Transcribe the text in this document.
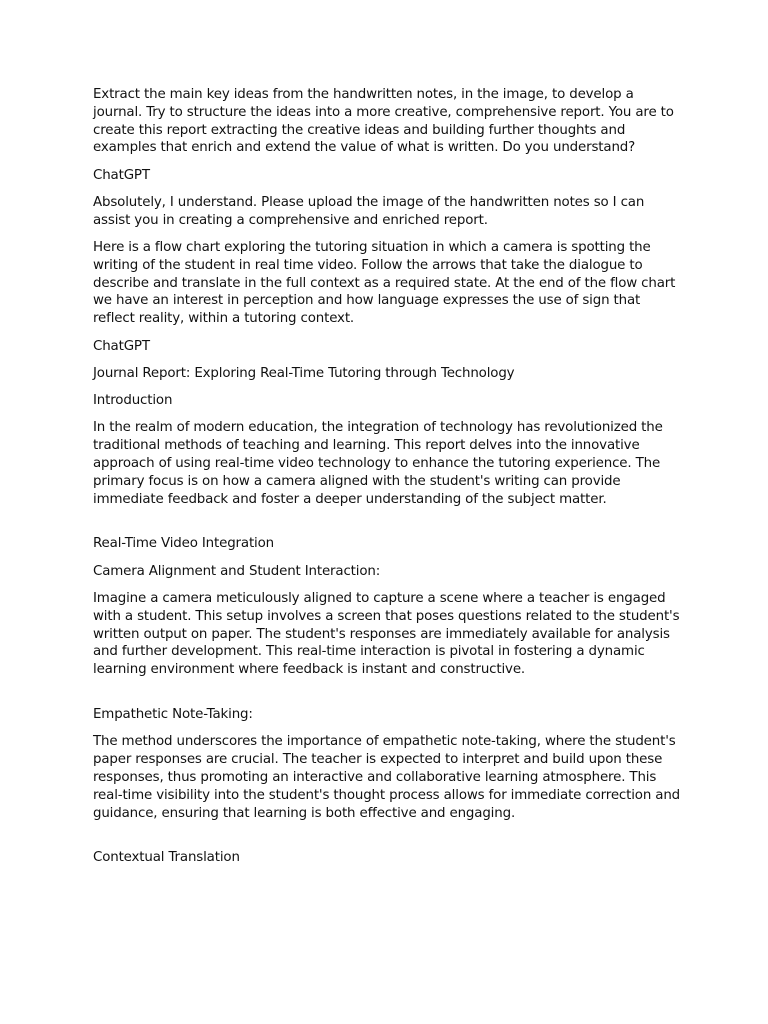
Extract the main key ideas from the handwritten notes, in the image, to develop a journal. Try to structure the ideas into a more creative, comprehensive report. You are to create this report extracting the creative ideas and building further thoughts and examples that enrich and extend the value of what is written. Do you understand?

ChatGPT

Absolutely, I understand. Please upload the image of the handwritten notes so I can assist you in creating a comprehensive and enriched report.

Here is a flow chart exploring the tutoring situation in which a camera is spotting the writing of the student in real time video. Follow the arrows that take the dialogue to describe and translate in the full context as a required state. At the end of the flow chart we have an interest in perception and how language expresses the use of sign that reflect reality, within a tutoring context.

ChatGPT

Journal Report: Exploring Real-Time Tutoring through Technology

Introduction

In the realm of modern education, the integration of technology has revolutionized the traditional methods of teaching and learning. This report delves into the innovative approach of using real-time video technology to enhance the tutoring experience. The primary focus is on how a camera aligned with the student's writing can provide immediate feedback and foster a deeper understanding of the subject matter.

Real-Time Video Integration

Camera Alignment and Student Interaction:

Imagine a camera meticulously aligned to capture a scene where a teacher is engaged with a student. This setup involves a screen that poses questions related to the student's written output on paper. The student's responses are immediately available for analysis and further development. This real-time interaction is pivotal in fostering a dynamic learning environment where feedback is instant and constructive.

Empathetic Note-Taking:

The method underscores the importance of empathetic note-taking, where the student's paper responses are crucial. The teacher is expected to interpret and build upon these responses, thus promoting an interactive and collaborative learning atmosphere. This real-time visibility into the student's thought process allows for immediate correction and guidance, ensuring that learning is both effective and engaging.

Contextual Translation
